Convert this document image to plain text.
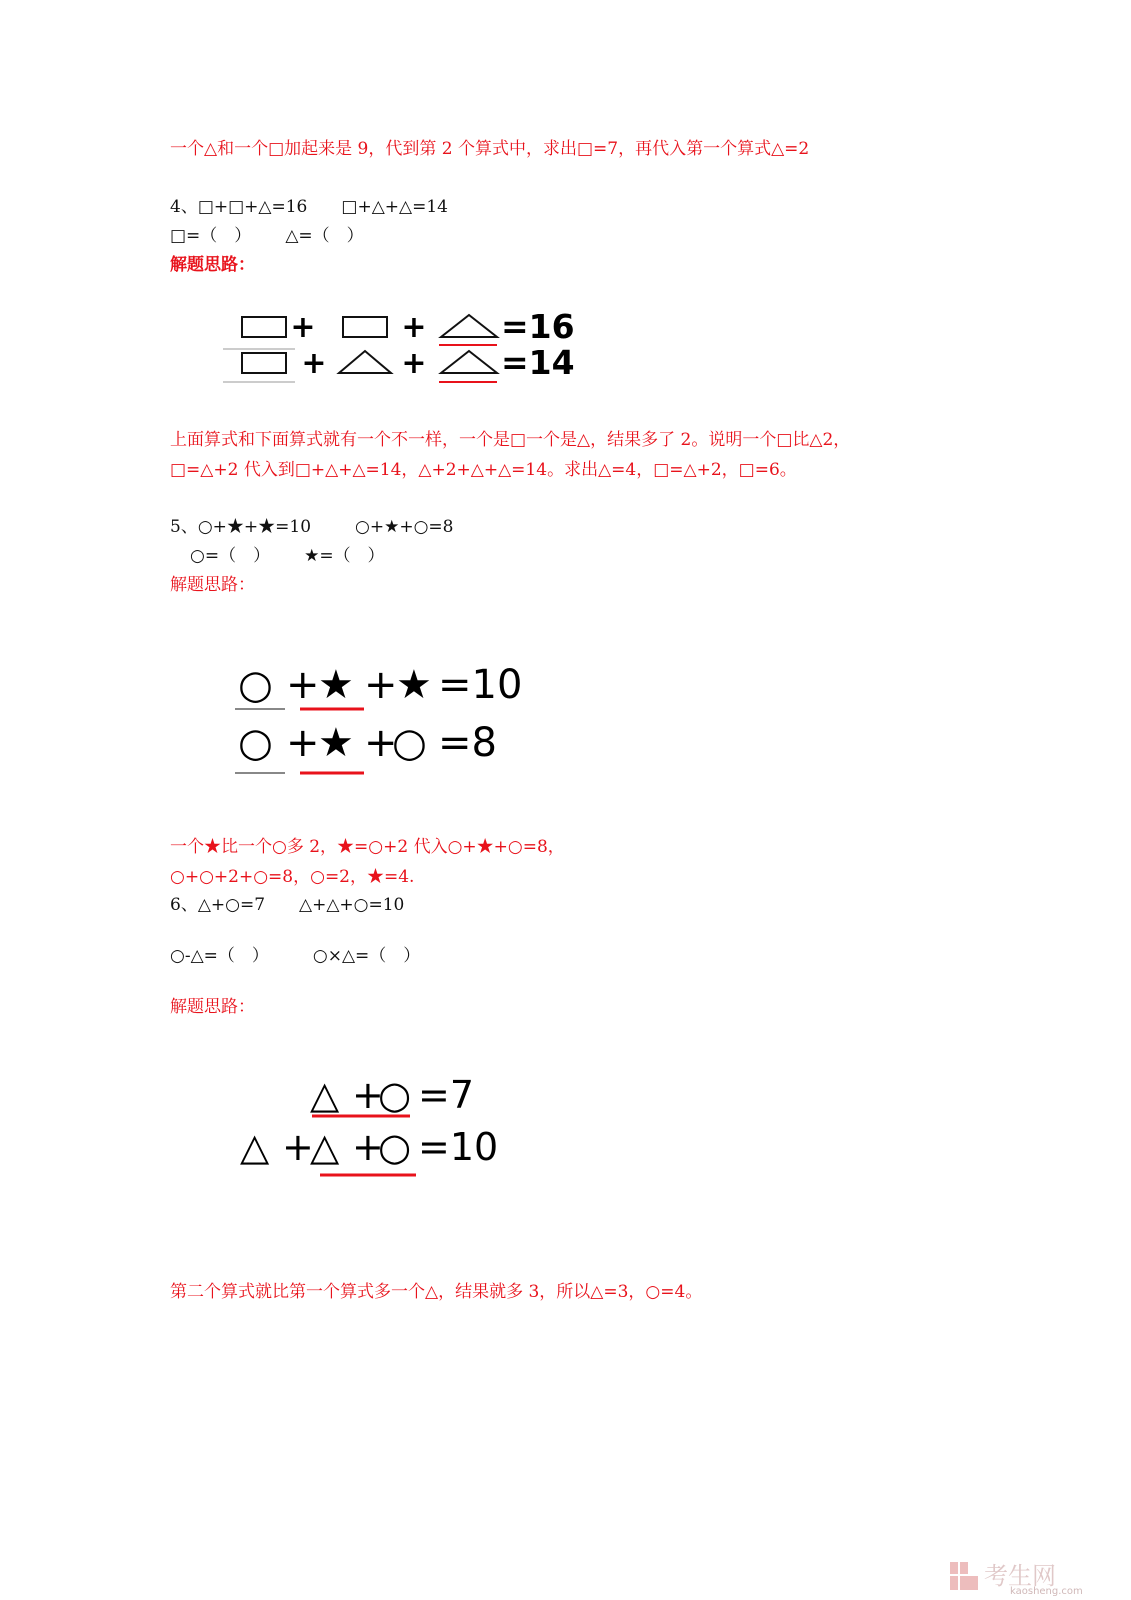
一个△和一个□加起来是 9，代到第 2 个算式中，求出□=7，再代入第一个算式△=2
4、□+□+△=16 □+△+△=14
□=（　） △=（　）
解题思路：
+	+ =16
+ + =14
上面算式和下面算式就有一个不一样，一个是□一个是△，结果多了 2。说明一个□比△2，
□=△+2 代入到□+△+△=14，△+2+△+△=14。求出△=4，□=△+2，□=6。
5、○+★+★=10	○+★+○=8
○=（　） ★=（　）
解题思路：
○ +
★ +
★ =10
○ +
★ +
○ =8
一个★比一个○多 2，★=○+2 代入○+★+○=8，
○+○+2+○=8，○=2，★=4.
6、△+○=7 △+△+○=10
○-△=（　）	○×△=（　）
解题思路：
△ +
○ =7
△ +
△ +
○ =10
第二个算式就比第一个算式多一个△，结果就多 3，所以△=3，○=4。
考生网
kaosheng.com
